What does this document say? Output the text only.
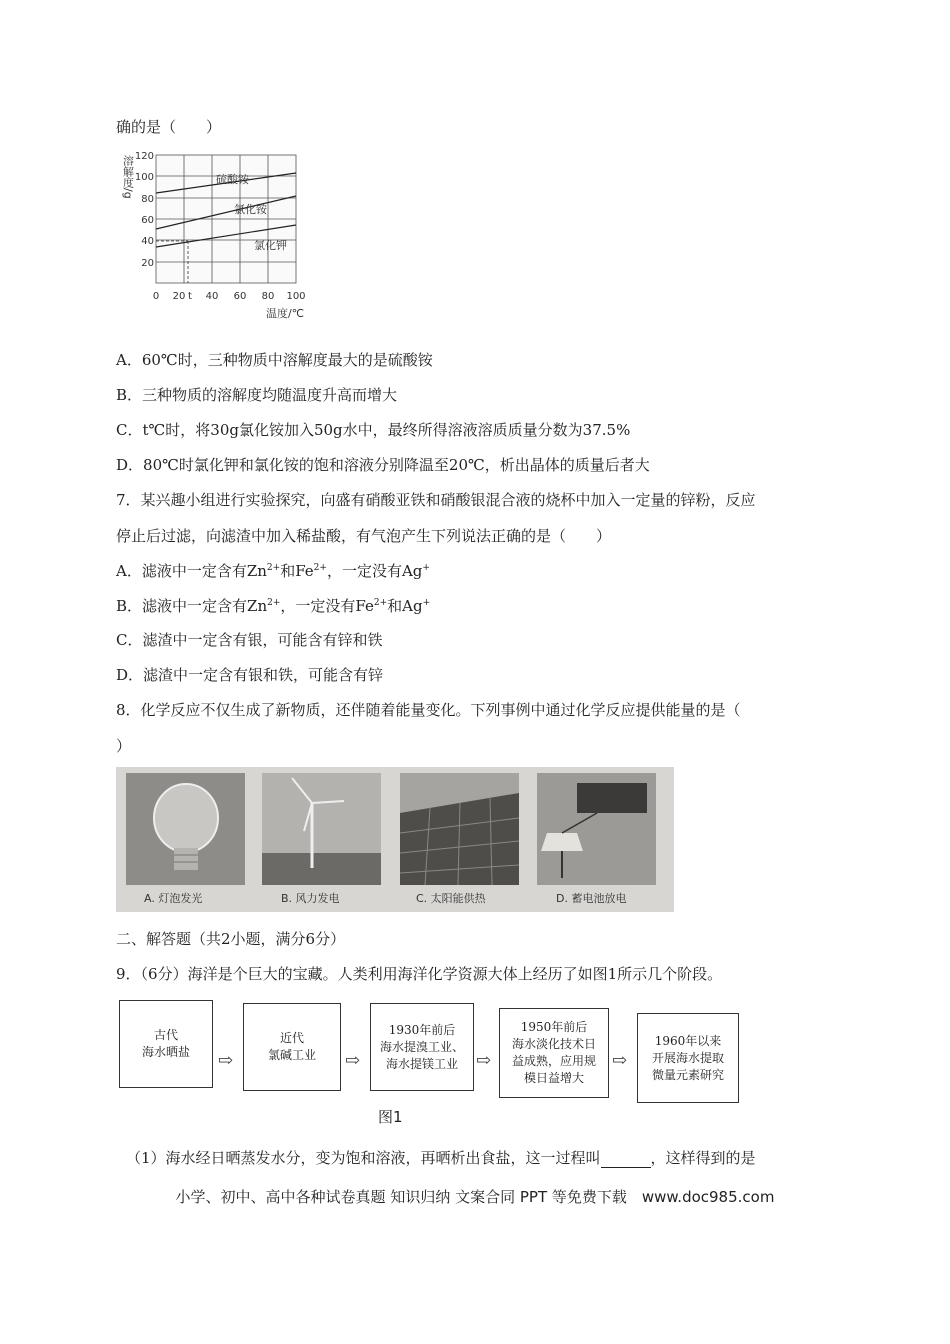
确的是（　　）
溶解度/g	硫酸铵
氯化铵
氯化钾
120
100
80
60
40
20
0 20 t 40 60 80 100
温度/℃
A．60℃时，三种物质中溶解度最大的是硫酸铵
B．三种物质的溶解度均随温度升高而增大
C．t℃时，将30g氯化铵加入50g水中，最终所得溶液溶质质量分数为37.5%
D．80℃时氯化钾和氯化铵的饱和溶液分别降温至20℃，析出晶体的质量后者大
7．某兴趣小组进行实验探究，向盛有硝酸亚铁和硝酸银混合液的烧杯中加入一定量的锌粉，反应
停止后过滤，向滤渣中加入稀盐酸，有气泡产生下列说法正确的是（　　）
A．滤液中一定含有$Zn^{2+}$和$Fe^{2+}$，一定没有Ag+
B．滤液中一定含有$Zn^{2+}$，一定没有$Fe^{2+}$和Ag+
C．滤渣中一定含有银，可能含有锌和铁
D．滤渣中一定含有银和铁，可能含有锌
8．化学反应不仅生成了新物质，还伴随着能量变化。下列事例中通过化学反应提供能量的是（
）
A. 灯泡发光	B. 风力发电	C. 太阳能供热	D. 蓄电池放电
二、解答题（共2小题，满分6分）
9．（6分）海洋是个巨大的宝藏。人类利用海洋化学资源大体上经历了如图1所示几个阶段。
古代
海水晒盐	⇨
近代
氯碱工业	⇨
1930年前后
海水提溴工业、
海水提镁工业	⇨
1950年前后
海水淡化技术日
益成熟，应用规
模日益增大
⇨
1960年以来
开展海水提取
微量元素研究
图1
（1）海水经日晒蒸发水分，变为饱和溶液，再晒析出食盐，这一过程叫	，这样得到的是
小学、初中、高中各种试卷真题 知识归纳 文案合同 PPT 等免费下载　www.doc985.com
